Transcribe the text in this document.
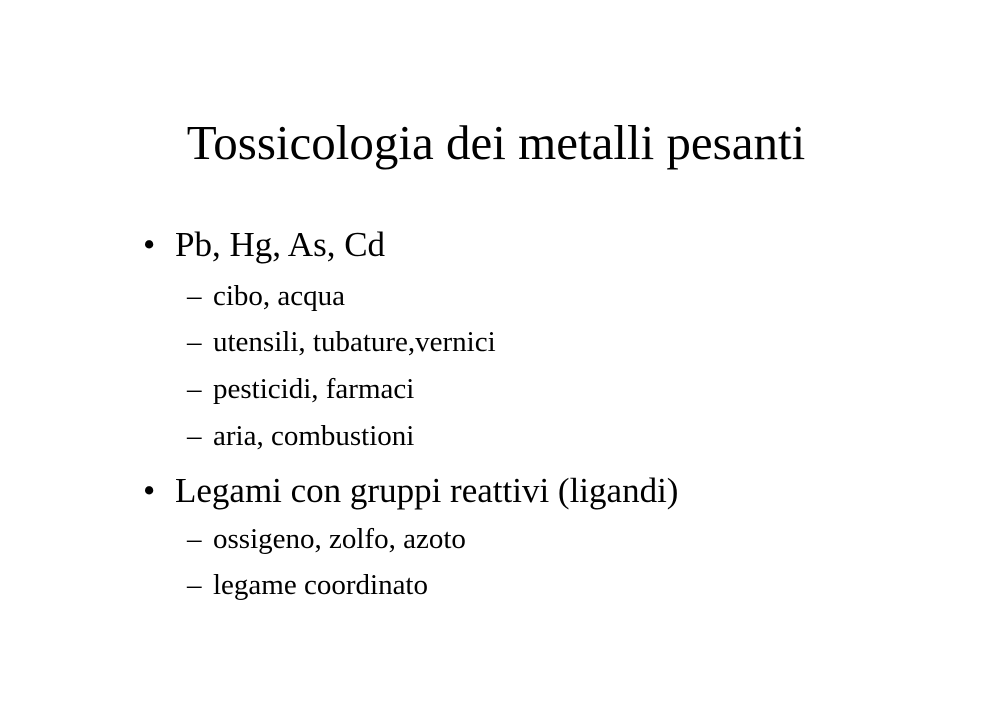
Tossicologia dei metalli pesanti
• Pb, Hg, As, Cd
– cibo, acqua
– utensili, tubature,vernici
– pesticidi, farmaci
– aria, combustioni
• Legami con gruppi reattivi (ligandi)
– ossigeno, zolfo, azoto
– legame coordinato
